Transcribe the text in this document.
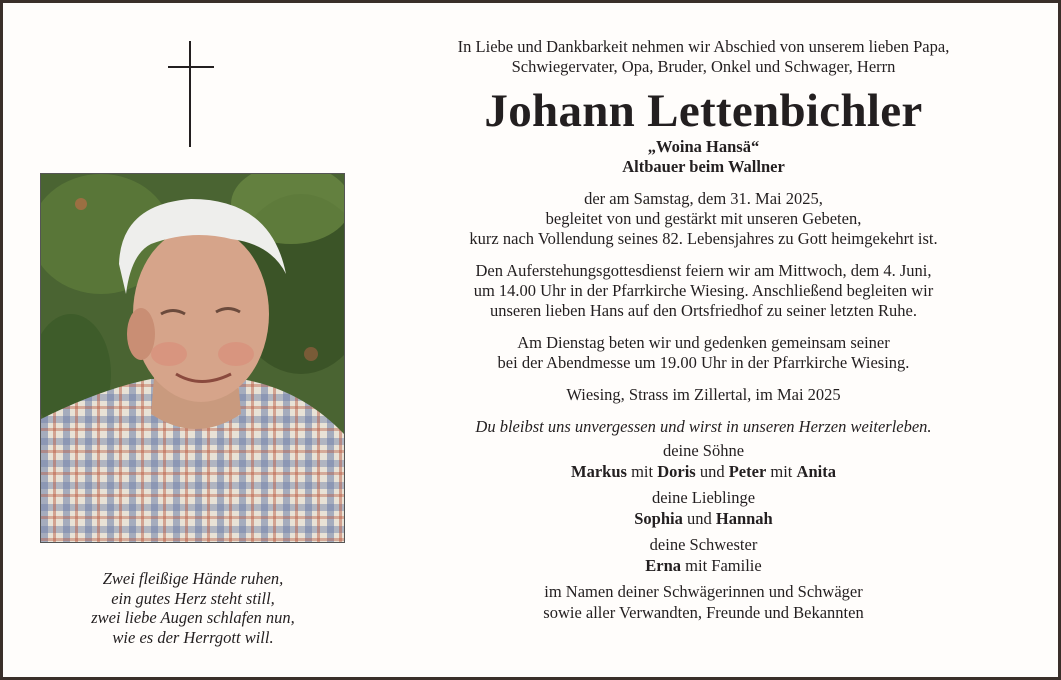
Zwei fleißige Hände ruhen,
ein gutes Herz steht still,
zwei liebe Augen schlafen nun,
wie es der Herrgott will.
In Liebe und Dankbarkeit nehmen wir Abschied von unserem lieben Papa,
Schwiegervater, Opa, Bruder, Onkel und Schwager, Herrn
Johann Lettenbichler
„Woina Hansä“
Altbauer beim Wallner
der am Samstag, dem 31. Mai 2025,
begleitet von und gestärkt mit unseren Gebeten,
kurz nach Vollendung seines 82. Lebensjahres zu Gott heimgekehrt ist.
Den Auferstehungsgottesdienst feiern wir am Mittwoch, dem 4. Juni,
um 14.00 Uhr in der Pfarrkirche Wiesing. Anschließend begleiten wir
unseren lieben Hans auf den Ortsfriedhof zu seiner letzten Ruhe.
Am Dienstag beten wir und gedenken gemeinsam seiner
bei der Abendmesse um 19.00 Uhr in der Pfarrkirche Wiesing.
Wiesing, Strass im Zillertal, im Mai 2025
Du bleibst uns unvergessen und wirst in unseren Herzen weiterleben.
deine Söhne
Markus mit Doris und Peter mit Anita
deine Lieblinge
Sophia und Hannah
deine Schwester
Erna mit Familie
im Namen deiner Schwägerinnen und Schwäger
sowie aller Verwandten, Freunde und Bekannten
